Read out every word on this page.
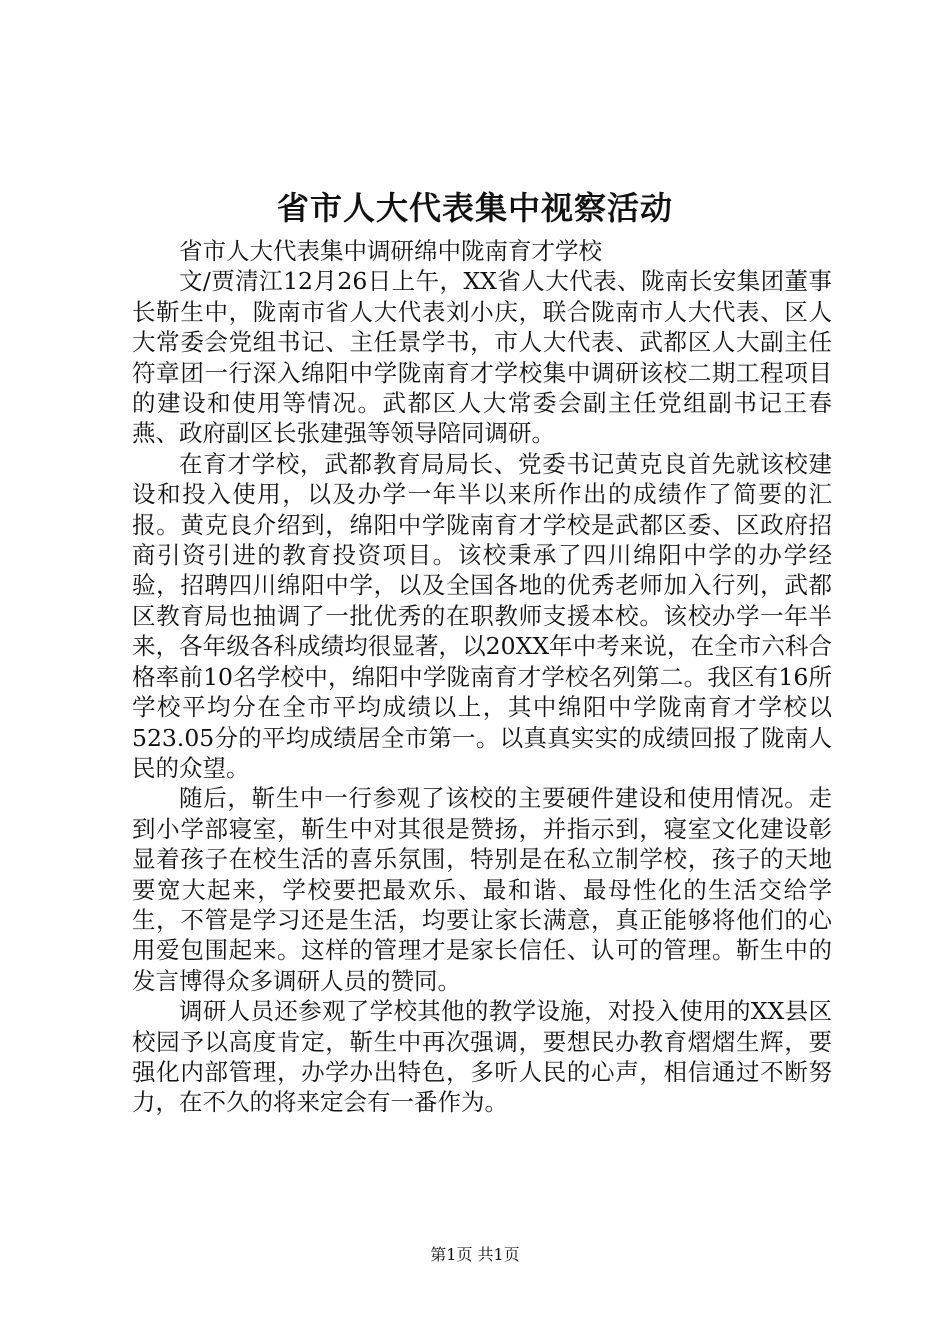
省市人大代表集中视察活动

省市人大代表集中调研绵中陇南育才学校

文/贾清江12月26日上午，XX省人大代表、陇南长安集团董事长靳生中，陇南市省人大代表刘小庆，联合陇南市人大代表、区人大常委会党组书记、主任景学书，市人大代表、武都区人大副主任符章团一行深入绵阳中学陇南育才学校集中调研该校二期工程项目的建设和使用等情况。武都区人大常委会副主任党组副书记王春燕、政府副区长张建强等领导陪同调研。

在育才学校，武都教育局局长、党委书记黄克良首先就该校建设和投入使用，以及办学一年半以来所作出的成绩作了简要的汇报。黄克良介绍到，绵阳中学陇南育才学校是武都区委、区政府招商引资引进的教育投资项目。该校秉承了四川绵阳中学的办学经验，招聘四川绵阳中学，以及全国各地的优秀老师加入行列，武都区教育局也抽调了一批优秀的在职教师支援本校。该校办学一年半来，各年级各科成绩均很显著，以20XX年中考来说，在全市六科合格率前10名学校中，绵阳中学陇南育才学校名列第二。我区有16所学校平均分在全市平均成绩以上，其中绵阳中学陇南育才学校以523.05分的平均成绩居全市第一。以真真实实的成绩回报了陇南人民的众望。

随后，靳生中一行参观了该校的主要硬件建设和使用情况。走到小学部寝室，靳生中对其很是赞扬，并指示到，寝室文化建设彰显着孩子在校生活的喜乐氛围，特别是在私立制学校，孩子的天地要宽大起来，学校要把最欢乐、最和谐、最母性化的生活交给学生，不管是学习还是生活，均要让家长满意，真正能够将他们的心用爱包围起来。这样的管理才是家长信任、认可的管理。靳生中的发言博得众多调研人员的赞同。

调研人员还参观了学校其他的教学设施，对投入使用的XX县区校园予以高度肯定，靳生中再次强调，要想民办教育熠熠生辉，要强化内部管理，办学办出特色，多听人民的心声，相信通过不断努力，在不久的将来定会有一番作为。

第1页 共1页
